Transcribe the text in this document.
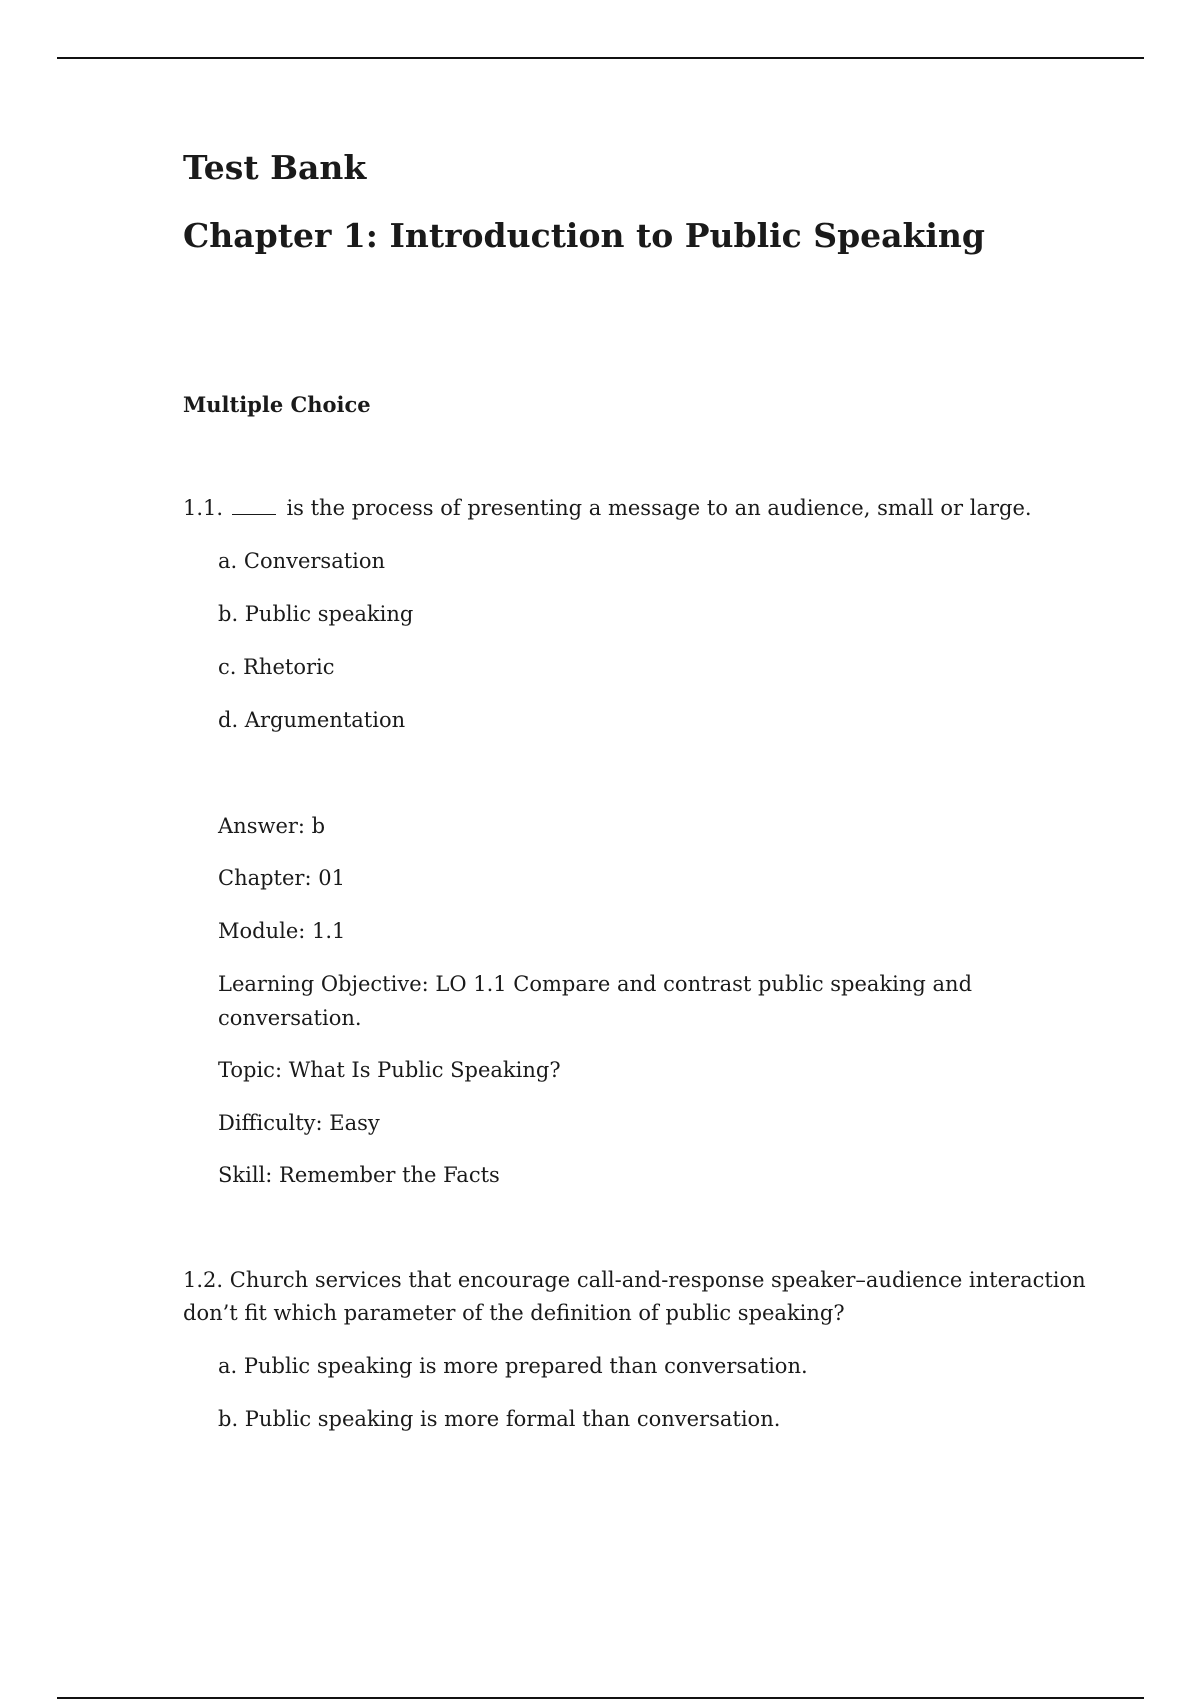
Test Bank
Chapter 1: Introduction to Public Speaking
Multiple Choice
1.1.	is the process of presenting a message to an audience, small or large.
a. Conversation
b. Public speaking
c. Rhetoric
d. Argumentation
Answer: b
Chapter: 01
Module: 1.1
Learning Objective: LO 1.1 Compare and contrast public speaking and
conversation.
Topic: What Is Public Speaking?
Difficulty: Easy
Skill: Remember the Facts
1.2. Church services that encourage call-and-response speaker–audience interaction
don’t fit which parameter of the definition of public speaking?
a. Public speaking is more prepared than conversation.
b. Public speaking is more formal than conversation.
